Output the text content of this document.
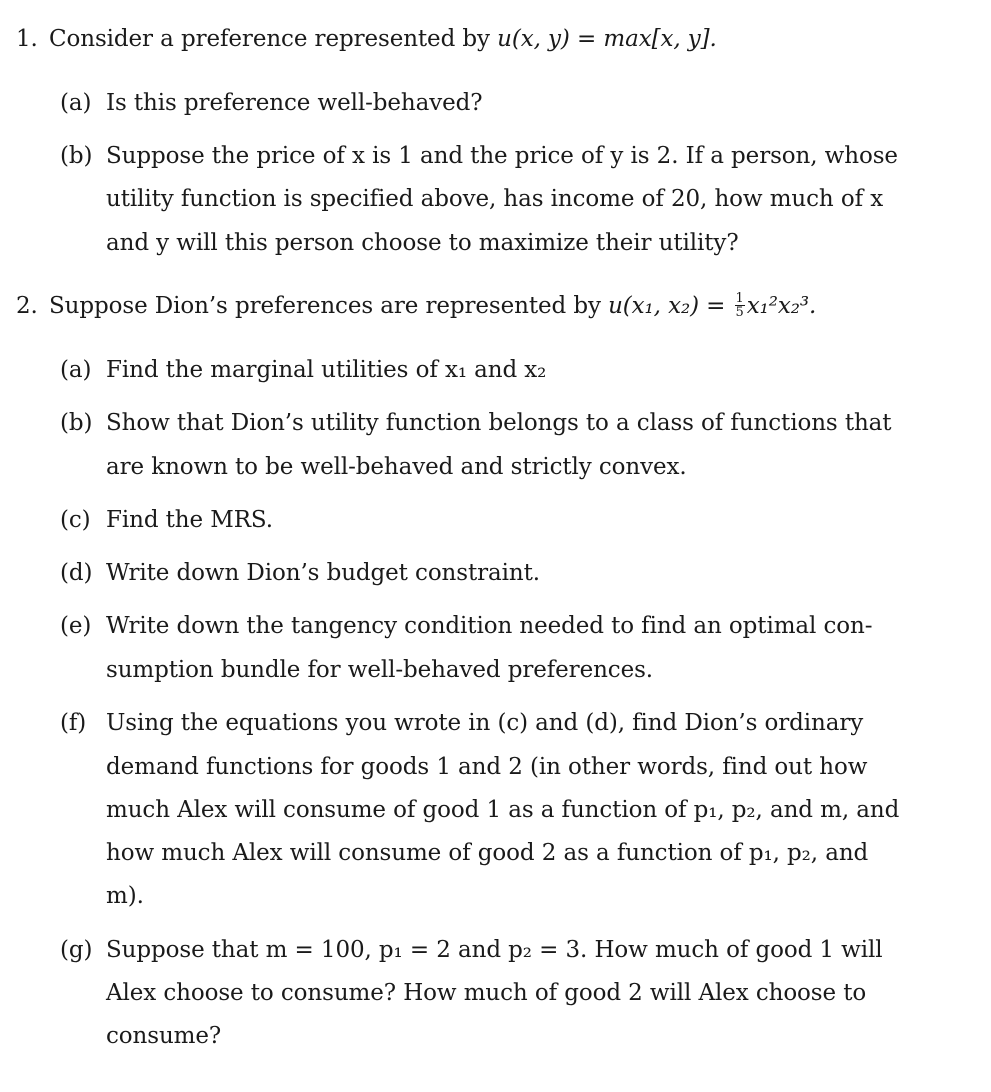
1. Consider a preference represented by u(x, y) = max[x, y].
(a) Is this preference well-behaved?
(b) Suppose the price of x is 1 and the price of y is 2. If a person, whose
utility function is specified above, has income of 20, how much of x
and y will this person choose to maximize their utility?
2. Suppose Dion’s preferences are represented by u(x₁, $x_2) = \frac{1}{5} x_1^2x_2^3$.
(a) Find the marginal utilities of x₁ and x₂
(b) Show that Dion’s utility function belongs to a class of functions that
are known to be well-behaved and strictly convex.
(c) Find the MRS.
(d) Write down Dion’s budget constraint.
(e) Write down the tangency condition needed to find an optimal con-
sumption bundle for well-behaved preferences.
(f) Using the equations you wrote in (c) and (d), find Dion’s ordinary
demand functions for goods 1 and 2 (in other words, find out how
much Alex will consume of good 1 as a function of p₁, p₂, and m, and
how much Alex will consume of good 2 as a function of p₁, p₂, and
m).
(g) Suppose that m = 100, p₁ = 2 and p₂ = 3. How much of good 1 will
Alex choose to consume? How much of good 2 will Alex choose to
consume?
